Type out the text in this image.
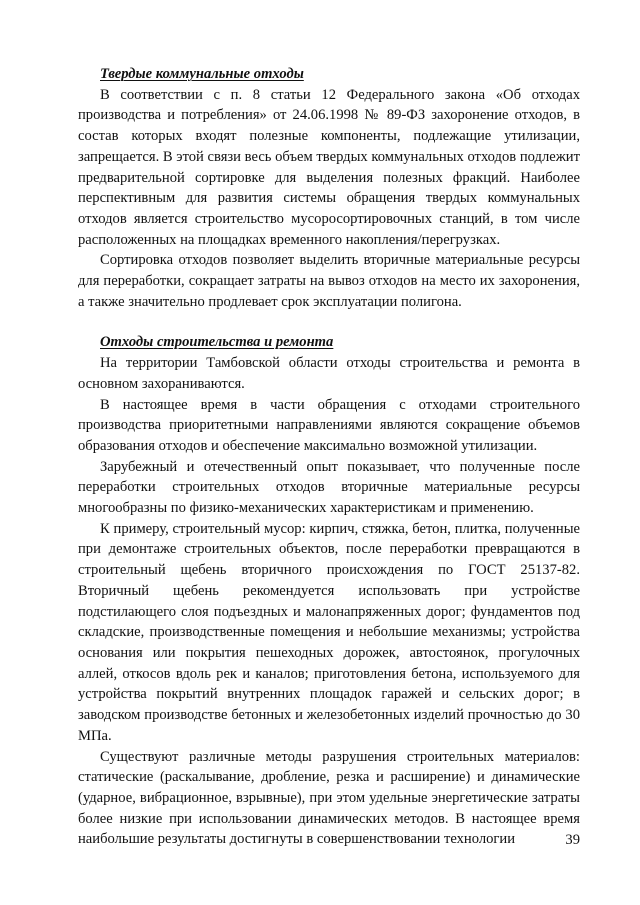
Твердые коммунальные отходы

В соответствии с п. 8 статьи 12 Федерального закона «Об отходах производства и потребления» от 24.06.1998 № 89-ФЗ захоронение отходов, в состав которых входят полезные компоненты, подлежащие утилизации, запрещается. В этой связи весь объем твердых коммунальных отходов подлежит предварительной сортировке для выделения полезных фракций. Наиболее перспективным для развития системы обращения твердых коммунальных отходов является строительство мусоросортировочных станций, в том числе расположенных на площадках временного накопления/перегрузках.

Сортировка отходов позволяет выделить вторичные материальные ресурсы для переработки, сокращает затраты на вывоз отходов на место их захоронения, а также значительно продлевает срок эксплуатации полигона.

Отходы строительства и ремонта

На территории Тамбовской области отходы строительства и ремонта в основном захораниваются.

В настоящее время в части обращения с отходами строительного производства приоритетными направлениями являются сокращение объемов образования отходов и обеспечение максимально возможной утилизации.

Зарубежный и отечественный опыт показывает, что полученные после переработки строительных отходов вторичные материальные ресурсы многообразны по физико-механических характеристикам и применению.

К примеру, строительный мусор: кирпич, стяжка, бетон, плитка, полученные при демонтаже строительных объектов, после переработки превращаются в строительный щебень вторичного происхождения по ГОСТ 25137-82. Вторичный щебень рекомендуется использовать при устройстве подстилающего слоя подъездных и малонапряженных дорог; фундаментов под складские, производственные помещения и небольшие механизмы; устройства основания или покрытия пешеходных дорожек, автостоянок, прогулочных аллей, откосов вдоль рек и каналов; приготовления бетона, используемого для устройства покрытий внутренних площадок гаражей и сельских дорог; в заводском производстве бетонных и железобетонных изделий прочностью до 30 МПа.

Существуют различные методы разрушения строительных материалов: статические (раскалывание, дробление, резка и расширение) и динамические (ударное, вибрационное, взрывные), при этом удельные энергетические затраты более низкие при использовании динамических методов. В настоящее время наибольшие результаты достигнуты в совершенствовании технологии	39
